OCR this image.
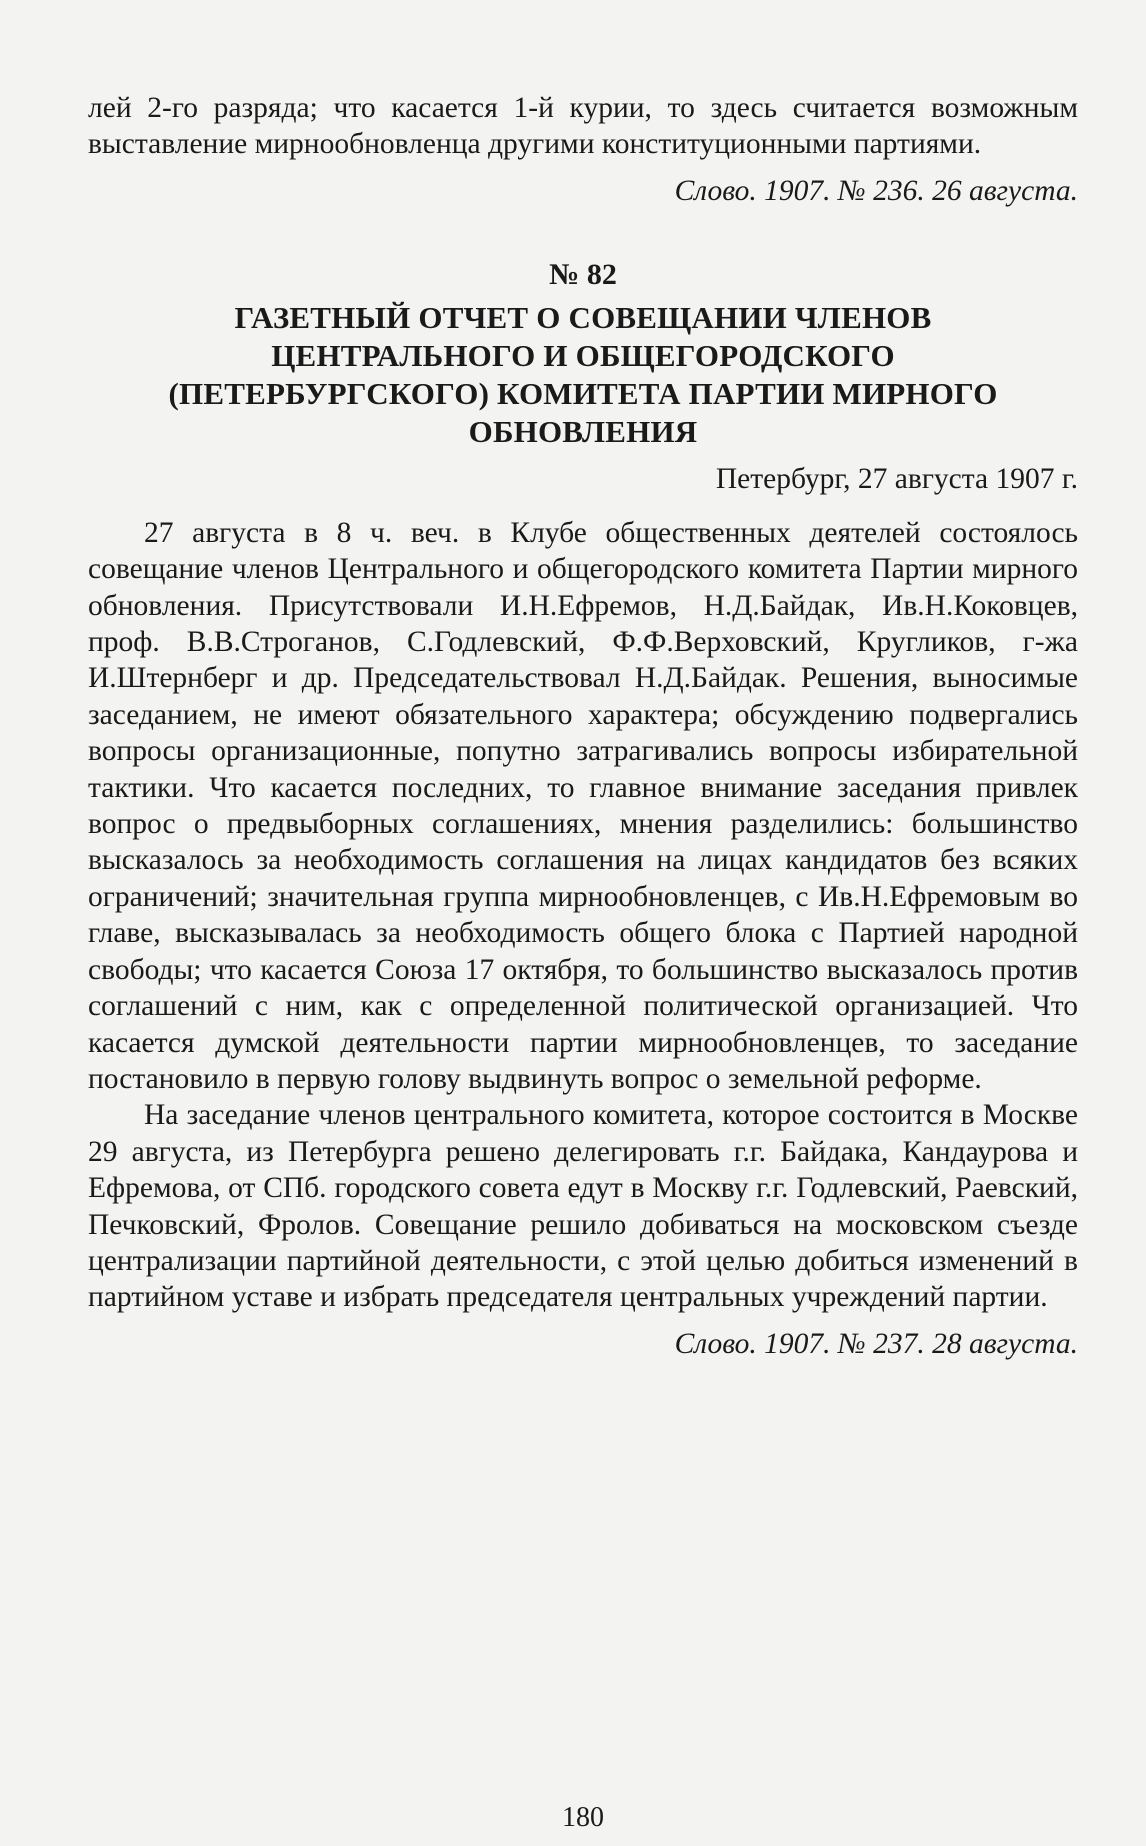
лей 2-го разряда; что касается 1-й курии, то здесь считается возможным выставление мирнообновленца другими конституционными партиями.

Слово. 1907. № 236. 26 августа.

№ 82

ГАЗЕТНЫЙ ОТЧЕТ О СОВЕЩАНИИ ЧЛЕНОВ ЦЕНТРАЛЬНОГО И ОБЩЕГОРОДСКОГО (ПЕТЕРБУРГСКОГО) КОМИТЕТА ПАРТИИ МИРНОГО ОБНОВЛЕНИЯ

Петербург, 27 августа 1907 г.

27 августа в 8 ч. веч. в Клубе общественных деятелей состоялось совещание членов Центрального и общегородского комитета Партии мирного обновления. Присутствовали И.Н.Ефремов, Н.Д.Байдак, Ив.Н.Коковцев, проф. В.В.Строганов, С.Годлевский, Ф.Ф.Верховский, Кругликов, г-жа И.Штернберг и др. Председательствовал Н.Д.Байдак. Решения, выносимые заседанием, не имеют обязательного характера; обсуждению подвергались вопросы организационные, попутно затрагивались вопросы избирательной тактики. Что касается последних, то главное внимание заседания привлек вопрос о предвыборных соглашениях, мнения разделились: большинство высказалось за необходимость соглашения на лицах кандидатов без всяких ограничений; значительная группа мирнообновленцев, с Ив.Н.Ефремовым во главе, высказывалась за необходимость общего блока с Партией народной свободы; что касается Союза 17 октября, то большинство высказалось против соглашений с ним, как с определенной политической организацией. Что касается думской деятельности партии мирнообновленцев, то заседание постановило в первую голову выдвинуть вопрос о земельной реформе.

На заседание членов центрального комитета, которое состоится в Москве 29 августа, из Петербурга решено делегировать г.г. Байдака, Кандаурова и Ефремова, от СПб. городского совета едут в Москву г.г. Годлевский, Раевский, Печковский, Фролов. Совещание решило добиваться на московском съезде централизации партийной деятельности, с этой целью добиться изменений в партийном уставе и избрать председателя центральных учреждений партии.

Слово. 1907. № 237. 28 августа.

180
